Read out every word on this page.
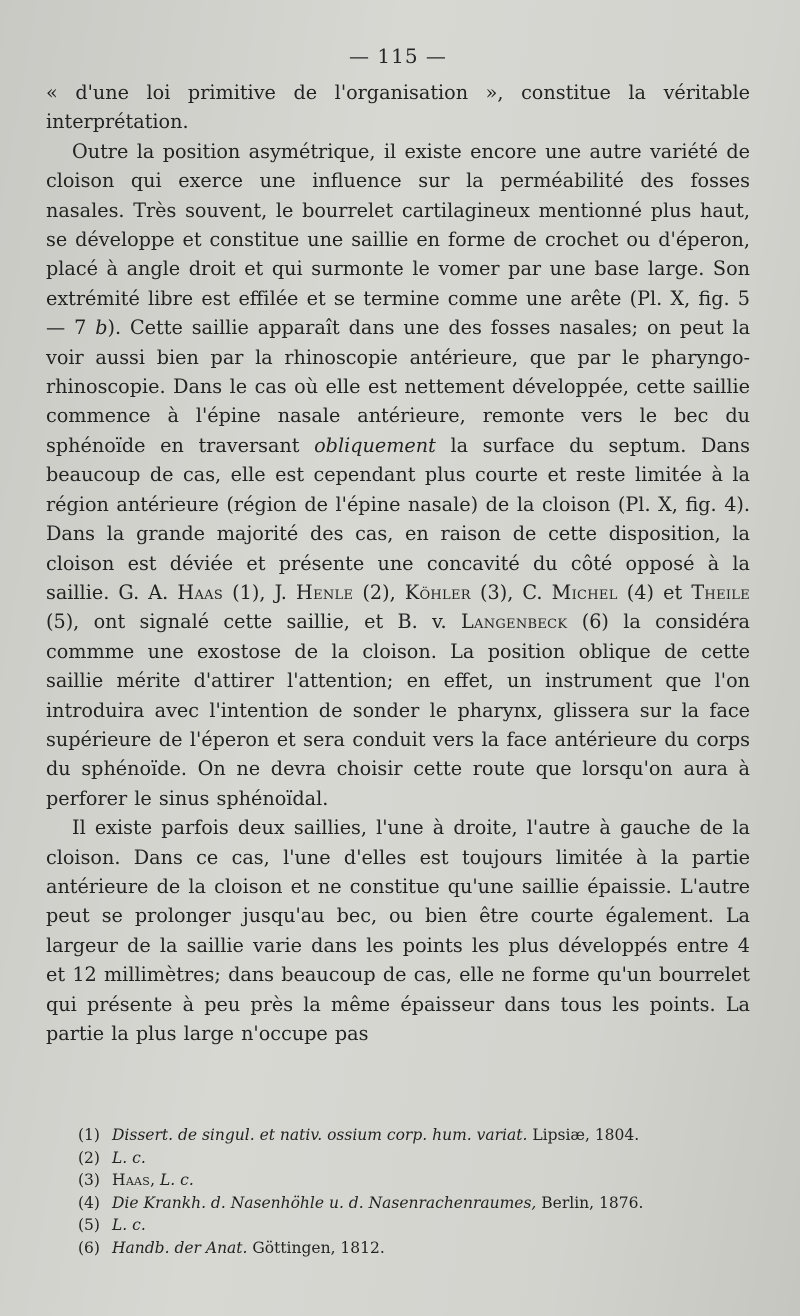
— 115 —

« d'une loi primitive de l'organisation », constitue la véritable interprétation.

Outre la position asymétrique, il existe encore une autre variété de cloison qui exerce une influence sur la perméabilité des fosses nasales. Très souvent, le bourrelet cartilagineux mentionné plus haut, se développe et constitue une saillie en forme de crochet ou d'éperon, placé à angle droit et qui surmonte le vomer par une base large. Son extrémité libre est effilée et se termine comme une arête (Pl. X, fig. 5 — 7 b). Cette saillie apparaît dans une des fosses nasales; on peut la voir aussi bien par la rhinoscopie antérieure, que par le pharyngo-rhinoscopie. Dans le cas où elle est nettement développée, cette saillie commence à l'épine nasale antérieure, remonte vers le bec du sphénoïde en traversant obliquement la surface du septum. Dans beaucoup de cas, elle est cependant plus courte et reste limitée à la région antérieure (région de l'épine nasale) de la cloison (Pl. X, fig. 4). Dans la grande majorité des cas, en raison de cette disposition, la cloison est déviée et présente une concavité du côté opposé à la saillie. G. A. Haas (1), J. Henle (2), Köhler (3), C. Michel (4) et Theile (5), ont signalé cette saillie, et B. v. Langenbeck (6) la considéra commme une exostose de la cloison. La position oblique de cette saillie mérite d'attirer l'attention; en effet, un instrument que l'on introduira avec l'intention de sonder le pharynx, glissera sur la face supérieure de l'éperon et sera conduit vers la face antérieure du corps du sphénoïde. On ne devra choisir cette route que lorsqu'on aura à perforer le sinus sphénoïdal.

Il existe parfois deux saillies, l'une à droite, l'autre à gauche de la cloison. Dans ce cas, l'une d'elles est toujours limitée à la partie antérieure de la cloison et ne constitue qu'une saillie épaissie. L'autre peut se prolonger jusqu'au bec, ou bien être courte également. La largeur de la saillie varie dans les points les plus développés entre 4 et 12 millimètres; dans beaucoup de cas, elle ne forme qu'un bourrelet qui présente à peu près la même épaisseur dans tous les points. La partie la plus large n'occupe pas

(1) Dissert. de singul. et nativ. ossium corp. hum. variat. Lipsiæ, 1804.
(2) L. c.
(3) Haas, L. c.
(4) Die Krankh. d. Nasenhöhle u. d. Nasenrachenraumes, Berlin, 1876.
(5) L. c.
(6) Handb. der Anat. Göttingen, 1812.
